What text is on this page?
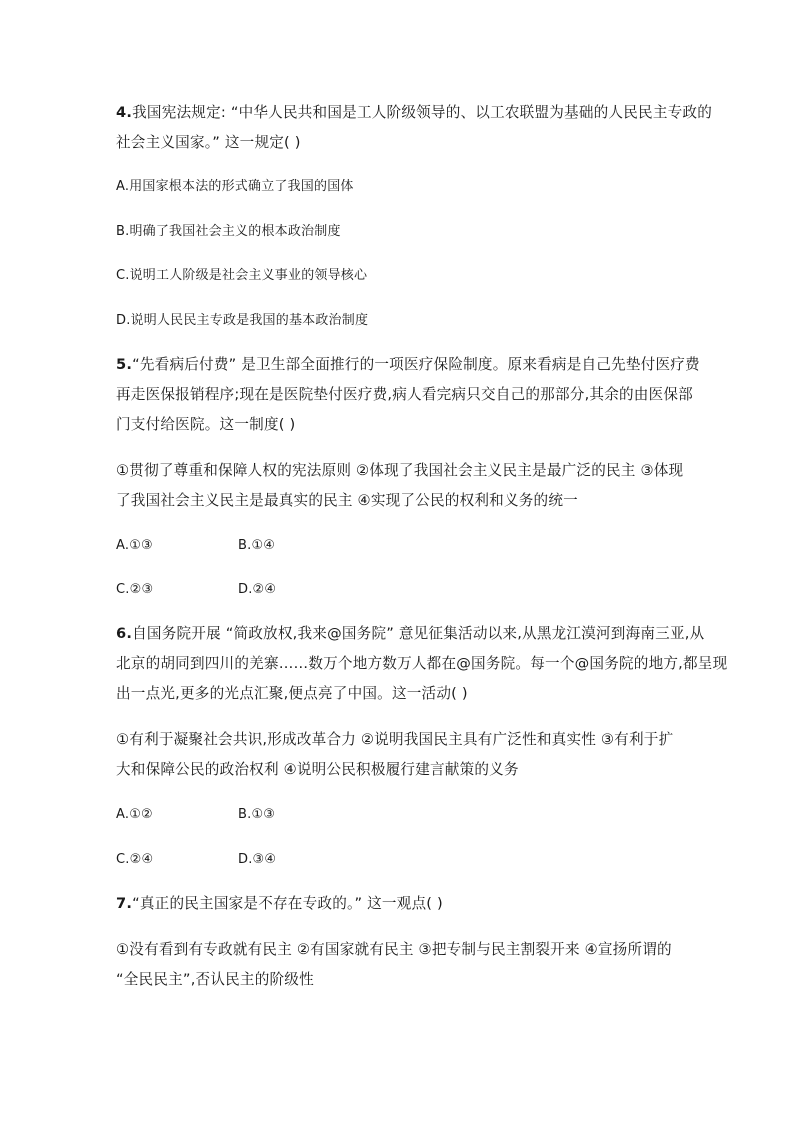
4.我国宪法规定: “中华人民共和国是工人阶级领导的、以工农联盟为基础的人民民主专政的
社会主义国家。” 这一规定( )
A.用国家根本法的形式确立了我国的国体
B.明确了我国社会主义的根本政治制度
C.说明工人阶级是社会主义事业的领导核心
D.说明人民民主专政是我国的基本政治制度
5.“先看病后付费” 是卫生部全面推行的一项医疗保险制度。原来看病是自己先垫付医疗费
再走医保报销程序;现在是医院垫付医疗费,病人看完病只交自己的那部分,其余的由医保部
门支付给医院。这一制度( )
①贯彻了尊重和保障人权的宪法原则 ②体现了我国社会主义民主是最广泛的民主 ③体现
了我国社会主义民主是最真实的民主 ④实现了公民的权利和义务的统一
A.①③	B.①④
C.②③	D.②④
6.自国务院开展 “简政放权,我来@国务院” 意见征集活动以来,从黑龙江漠河到海南三亚,从
北京的胡同到四川的羌寨……数万个地方数万人都在@国务院。每一个@国务院的地方,都呈现
出一点光,更多的光点汇聚,便点亮了中国。这一活动( )
①有利于凝聚社会共识,形成改革合力 ②说明我国民主具有广泛性和真实性 ③有利于扩
大和保障公民的政治权利 ④说明公民积极履行建言献策的义务
A.①②	B.①③
C.②④	D.③④
7.“真正的民主国家是不存在专政的。” 这一观点( )
①没有看到有专政就有民主 ②有国家就有民主 ③把专制与民主割裂开来 ④宣扬所谓的
“全民民主”,否认民主的阶级性
